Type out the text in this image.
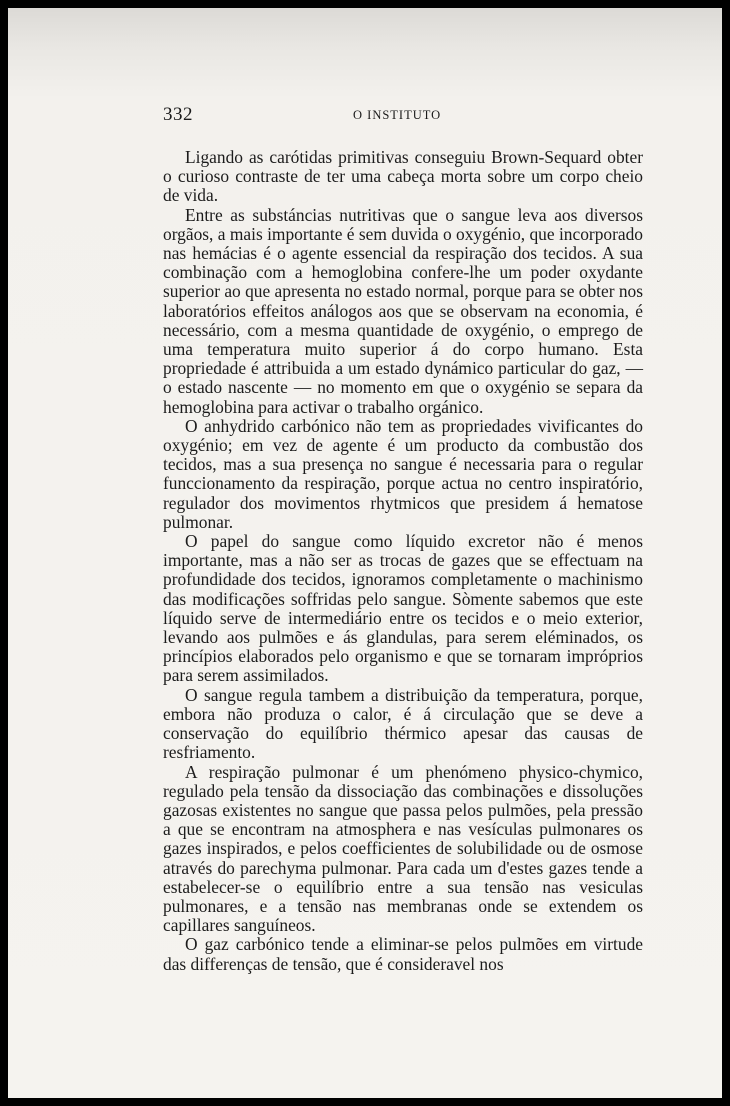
332	O INSTITUTO

Ligando as carótidas primitivas conseguiu Brown-Sequard obter o curioso contraste de ter uma cabeça morta sobre um corpo cheio de vida.

Entre as substáncias nutritivas que o sangue leva aos diversos orgãos, a mais importante é sem duvida o oxygénio, que incorporado nas hemácias é o agente essencial da respiração dos tecidos. A sua combinação com a hemoglobina confere-lhe um poder oxydante superior ao que apresenta no estado normal, porque para se obter nos laboratórios effeitos análogos aos que se observam na economia, é necessário, com a mesma quantidade de oxygénio, o emprego de uma temperatura muito superior á do corpo humano. Esta propriedade é attribuida a um estado dynámico particular do gaz, — o estado nascente — no momento em que o oxygénio se separa da hemoglobina para activar o trabalho orgánico.

O anhydrido carbónico não tem as propriedades vivificantes do oxygénio; em vez de agente é um producto da combustão dos tecidos, mas a sua presença no sangue é necessaria para o regular funccionamento da respiração, porque actua no centro inspiratório, regulador dos movimentos rhytmicos que presidem á hematose pulmonar.

O papel do sangue como líquido excretor não é menos importante, mas a não ser as trocas de gazes que se effectuam na profundidade dos tecidos, ignoramos completamente o machinismo das modificações soffridas pelo sangue. Sòmente sabemos que este líquido serve de intermediário entre os tecidos e o meio exterior, levando aos pulmões e ás glandulas, para serem eléminados, os princípios elaborados pelo organismo e que se tornaram impróprios para serem assimilados.

O sangue regula tambem a distribuição da temperatura, porque, embora não produza o calor, é á circulação que se deve a conservação do equilíbrio thérmico apesar das causas de resfriamento.

A respiração pulmonar é um phenómeno physico-chymico, regulado pela tensão da dissociação das combinações e dissoluções gazosas existentes no sangue que passa pelos pulmões, pela pressão a que se encontram na atmosphera e nas vesículas pulmonares os gazes inspirados, e pelos coefficientes de solubilidade ou de osmose através do parechyma pulmonar. Para cada um d'estes gazes tende a estabelecer-se o equilíbrio entre a sua tensão nas vesiculas pulmonares, e a tensão nas membranas onde se extendem os capillares sanguíneos.

O gaz carbónico tende a eliminar-se pelos pulmões em virtude das differenças de tensão, que é consideravel nos
